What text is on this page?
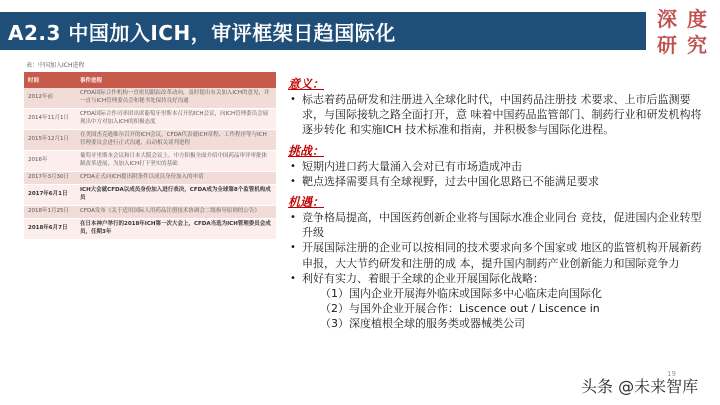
A2.3 中国加入ICH，审评框架日趋国际化
深 度
研 究
表：中国加入ICH进程
时间	事件进程
2012年前	CFDA国际合作机构一直密切跟踪改革动向，及时提出有关加入ICH的意见，并一直与ICH管理委员会和秘书处保持良好沟通
2014年11月1日	CFDA国际合作司率团出席葡萄牙里斯本召开的ICH会议，向ICH管理委员会展现出中方对加入ICH的积极态度
2015年12月1日	在美国杰克逊维尔召开的ICH会议，CFDA代表就ICH章程、工作程序等与ICH管理委员会进行正式沟通，启动相关谈判进程
2016年	葡萄牙里斯本会议和日本大阪会议上，中方积极全面介绍中国药品审评审批体制改革进展，为加入ICH打下坚实的基础
2017年3月30日	CFDA正式向ICH提出附条件以成员身份加入的申请
2017年6月1日	ICH大会就CFDA以成员身份加入进行表决，CFDA成为全球第8个监管机构成员
2018年1月25日	CFDA发布《关于适用国际人用药品注册技术协调会二级指导原则的公告》
2018年6月7日	在日本神户举行的2018年ICH第一次大会上，CFDA当选为ICH管理委员会成员，任期3年
意义：
• 标志着药品研发和注册进入全球化时代，中国药品注册技 术要求、上市后监测要求，与国际接轨之路全面打开，意 味着中国药品监管部门、制药行业和研发机构将逐步转化 和实施ICH 技术标准和指南，并积极参与国际化进程。
挑战：
• 短期内进口药大量涌入会对已有市场造成冲击
• 靶点选择需要具有全球视野，过去中国化思路已不能满足要求
机遇：
• 竞争格局提高，中国医药创新企业将与国际水准企业同台 竞技，促进国内企业转型升级
• 开展国际注册的企业可以按相同的技术要求向多个国家或 地区的监管机构开展新药申报，大大节约研发和注册的成 本，提升国内制药产业创新能力和国际竞争力
• 利好有实力、着眼于全球的企业开展国际化战略：
（1）国内企业开展海外临床或国际多中心临床走向国际化
（2）与国外企业开展合作：Liscence out / Liscence in
（3）深度植根全球的服务类或器械类公司
19
头条 @未来智库
